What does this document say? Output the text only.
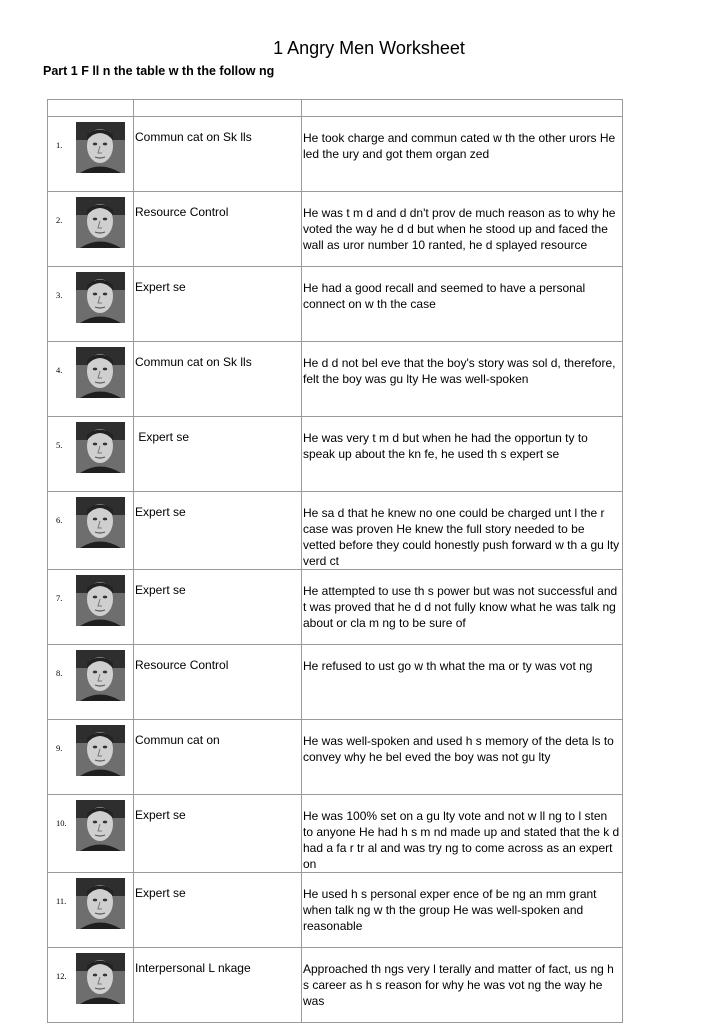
1 Angry Men Worksheet
Part 1 F ll n the table w th the follow ng

1.	Commun cat on Sk lls	He took charge and commun cated w th the other urors He led the ury and got them organ zed

2.	Resource Control	He was t m d and d dn't prov de much reason as to why he voted the way he d d but when he stood up and faced the wall as uror number 10 ranted, he d splayed resource

3.	Expert se	He had a good recall and seemed to have a personal connect on w th the case

4.	Commun cat on Sk lls	He d d not bel eve that the boy's story was sol d, therefore, felt the boy was gu lty He was well-spoken

5.	Expert se	He was very t m d but when he had the opportun ty to speak up about the kn fe, he used th s expert se

6.	Expert se	He sa d that he knew no one could be charged unt l the r case was proven He knew the full story needed to be vetted before they could honestly push forward w th a gu lty verd ct

7.	Expert se	He attempted to use th s power but was not successful and t was proved that he d d not fully know what he was talk ng about or cla m ng to be sure of

8.	Resource Control	He refused to ust go w th what the ma or ty was vot ng

9.	Commun cat on	He was well-spoken and used h s memory of the deta ls to convey why he bel eved the boy was not gu lty

10.	Expert se	He was 100% set on a gu lty vote and not w ll ng to l sten to anyone He had h s m nd made up and stated that the k d had a fa r tr al and was try ng to come across as an expert on

11.	Expert se	He used h s personal exper ence of be ng an mm grant when talk ng w th the group He was well-spoken and reasonable

12.	Interpersonal L nkage	Approached th ngs very l terally and matter of fact, us ng h s career as h s reason for why he was vot ng the way he was
